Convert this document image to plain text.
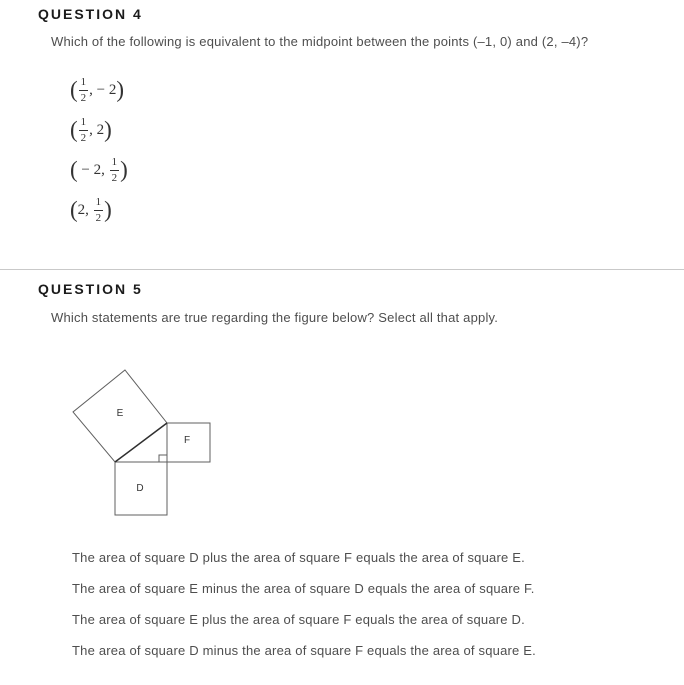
QUESTION 4
Which of the following is equivalent to the midpoint between the points (–1, 0) and (2, –4)?
( $\frac{1}{2}$ , − 2 )
( $\frac{1}{2}$ , 2 )
( − 2, $\frac{1}{2}$ )
( 2, $\frac{1}{2}$ )
QUESTION 5
Which statements are true regarding the figure below? Select all that apply.
E
F
D
The area of square D plus the area of square F equals the area of square E.
The area of square E minus the area of square D equals the area of square F.
The area of square E plus the area of square F equals the area of square D.
The area of square D minus the area of square F equals the area of square E.
